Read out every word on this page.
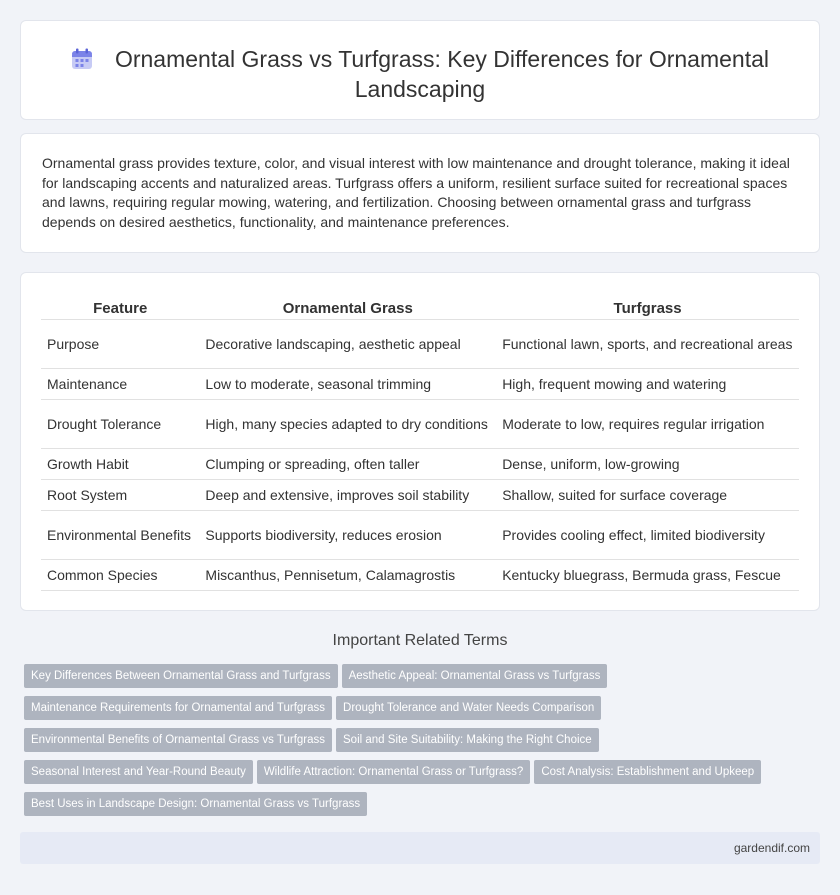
Ornamental Grass vs Turfgrass: Key Differences for Ornamental Landscaping

Ornamental grass provides texture, color, and visual interest with low maintenance and drought tolerance, making it ideal for landscaping accents and naturalized areas. Turfgrass offers a uniform, resilient surface suited for recreational spaces and lawns, requiring regular mowing, watering, and fertilization. Choosing between ornamental grass and turfgrass depends on desired aesthetics, functionality, and maintenance preferences.

Feature	Ornamental Grass	Turfgrass
Purpose	Decorative landscaping, aesthetic appeal	Functional lawn, sports, and recreational areas
Maintenance	Low to moderate, seasonal trimming	High, frequent mowing and watering
Drought Tolerance	High, many species adapted to dry conditions	Moderate to low, requires regular irrigation
Growth Habit	Clumping or spreading, often taller	Dense, uniform, low-growing
Root System	Deep and extensive, improves soil stability	Shallow, suited for surface coverage
Environmental Benefits	Supports biodiversity, reduces erosion	Provides cooling effect, limited biodiversity
Common Species	Miscanthus, Pennisetum, Calamagrostis	Kentucky bluegrass, Bermuda grass, Fescue
Important Related Terms
Key Differences Between Ornamental Grass and Turfgrass Aesthetic Appeal: Ornamental Grass vs Turfgrass
Maintenance Requirements for Ornamental and Turfgrass Drought Tolerance and Water Needs Comparison
Environmental Benefits of Ornamental Grass vs Turfgrass Soil and Site Suitability: Making the Right Choice
Seasonal Interest and Year-Round Beauty Wildlife Attraction: Ornamental Grass or Turfgrass? Cost Analysis: Establishment and Upkeep
Best Uses in Landscape Design: Ornamental Grass vs Turfgrass
gardendif.com
